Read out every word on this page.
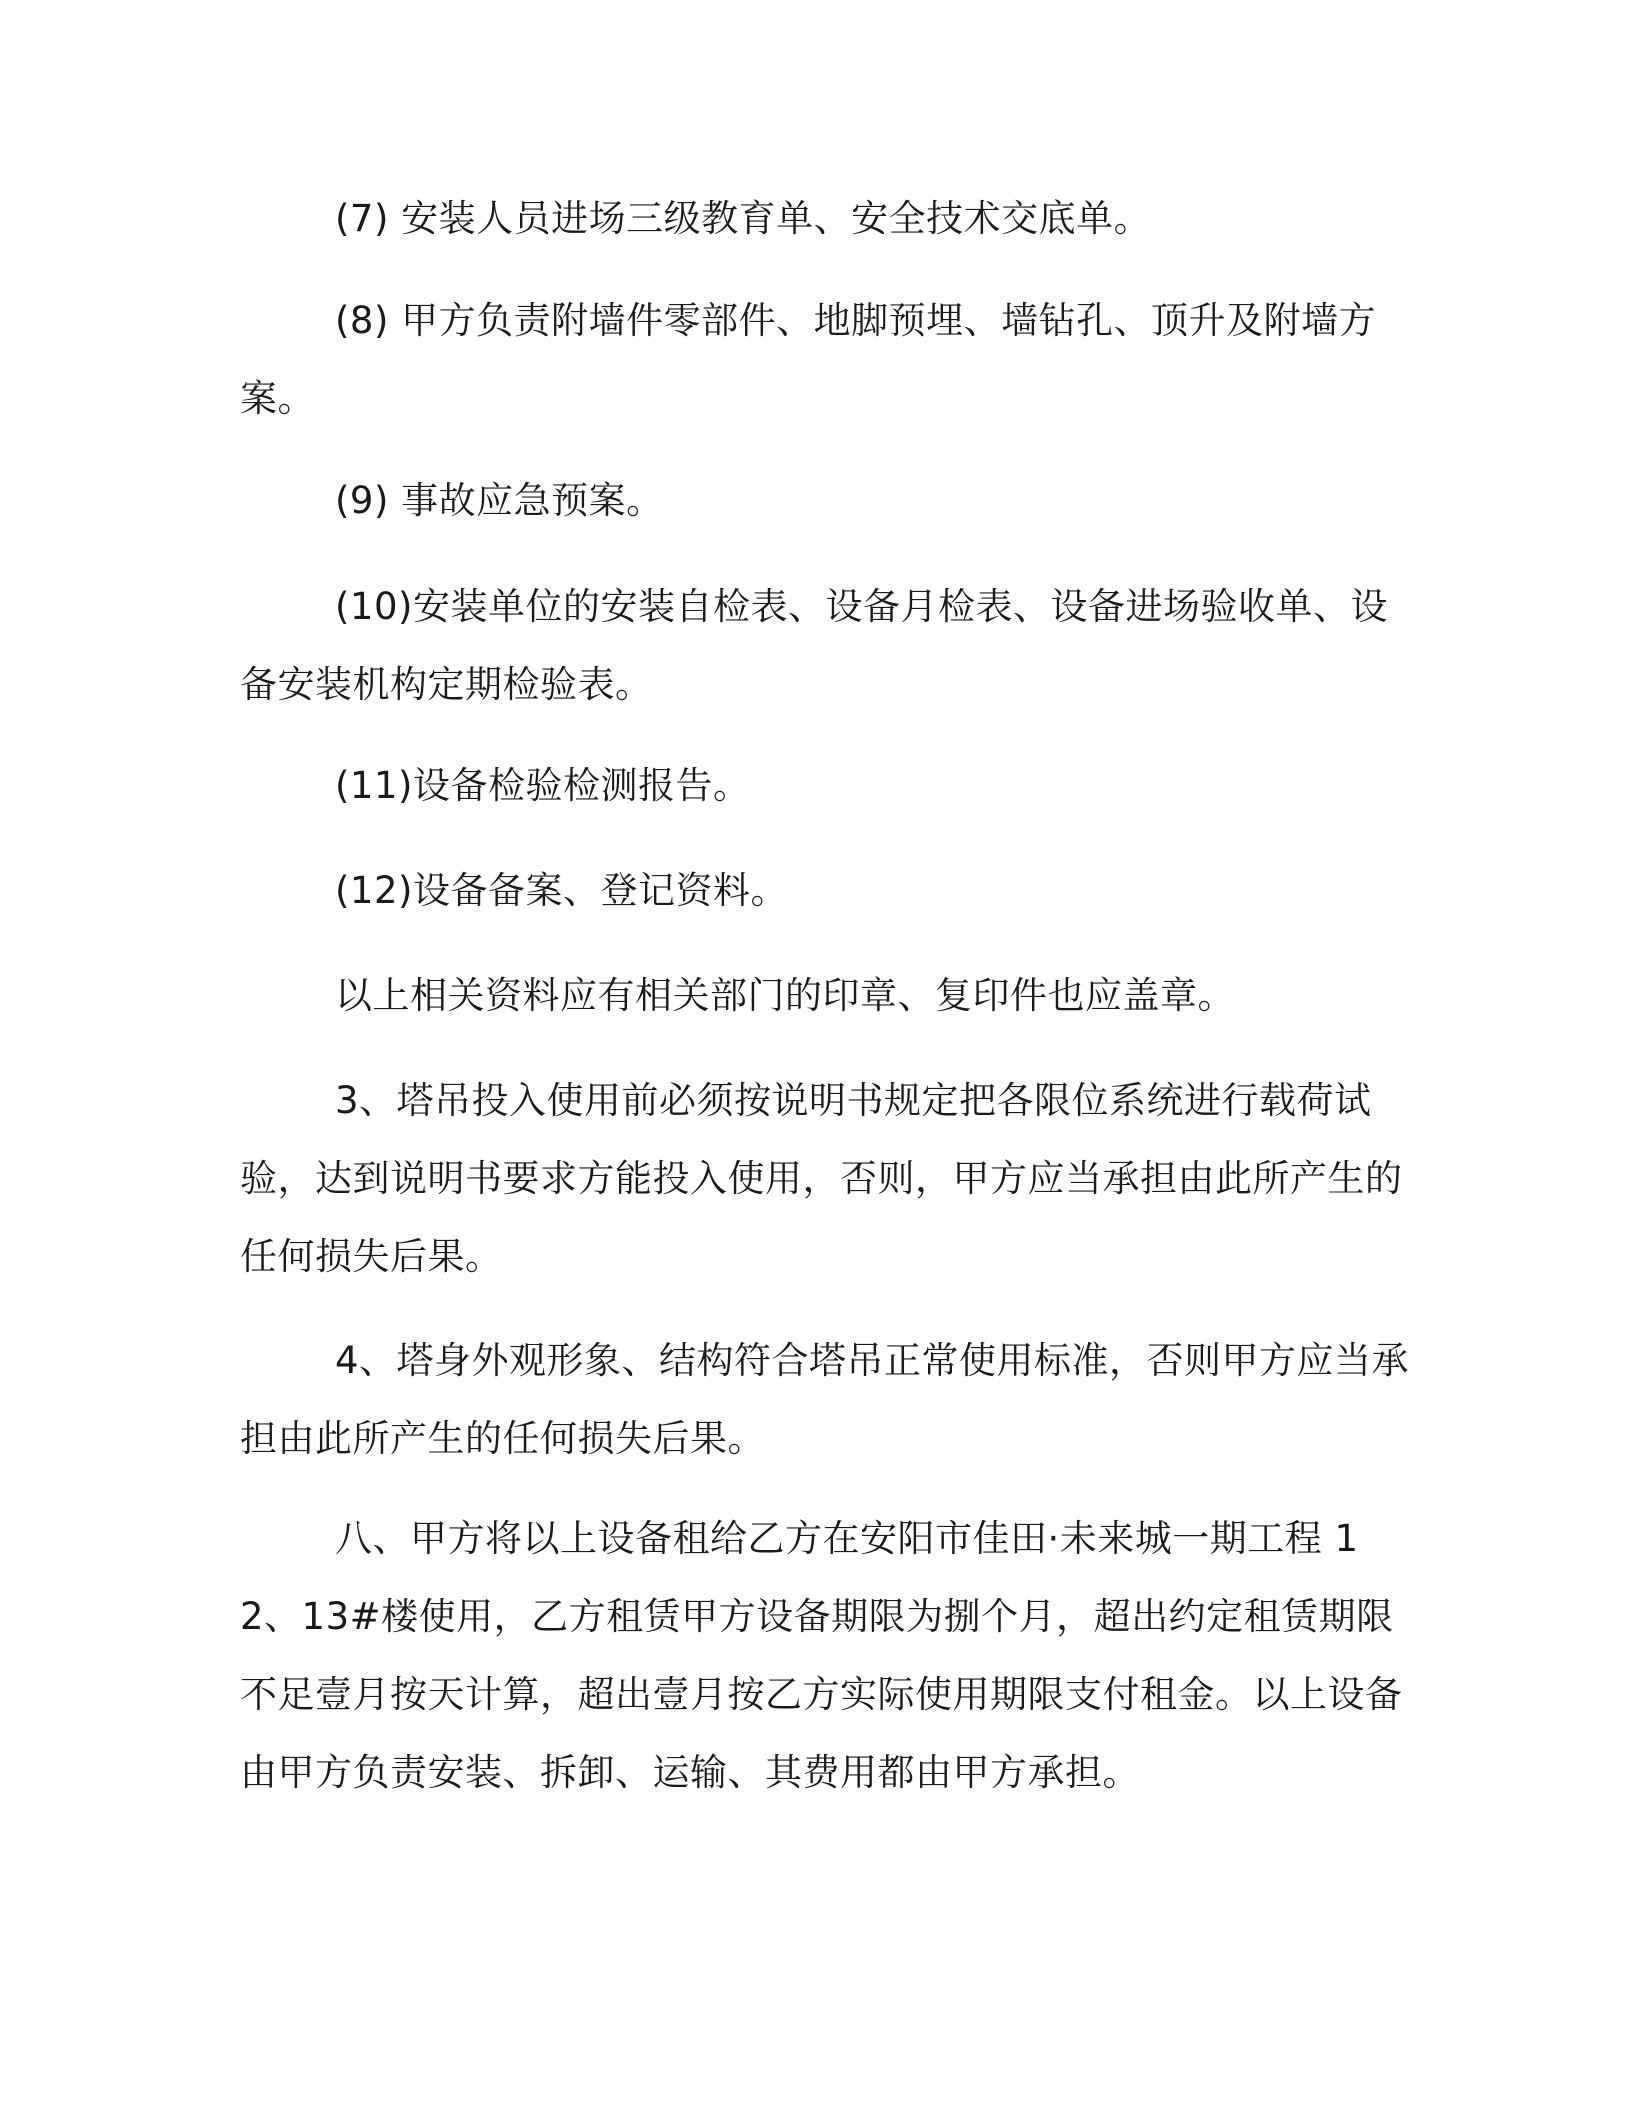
(7) 安装人员进场三级教育单、安全技术交底单。

(8) 甲方负责附墙件零部件、地脚预埋、墙钻孔、顶升及附墙方案。

(9) 事故应急预案。

(10)安装单位的安装自检表、设备月检表、设备进场验收单、设备安装机构定期检验表。

(11)设备检验检测报告。

(12)设备备案、登记资料。

以上相关资料应有相关部门的印章、复印件也应盖章。

3、塔吊投入使用前必须按说明书规定把各限位系统进行载荷试验，达到说明书要求方能投入使用，否则，甲方应当承担由此所产生的任何损失后果。

4、塔身外观形象、结构符合塔吊正常使用标准，否则甲方应当承担由此所产生的任何损失后果。

八、甲方将以上设备租给乙方在安阳市佳田·未来城一期工程 12、13#楼使用，乙方租赁甲方设备期限为捌个月，超出约定租赁期限不足壹月按天计算，超出壹月按乙方实际使用期限支付租金。以上设备由甲方负责安装、拆卸、运输、其费用都由甲方承担。
